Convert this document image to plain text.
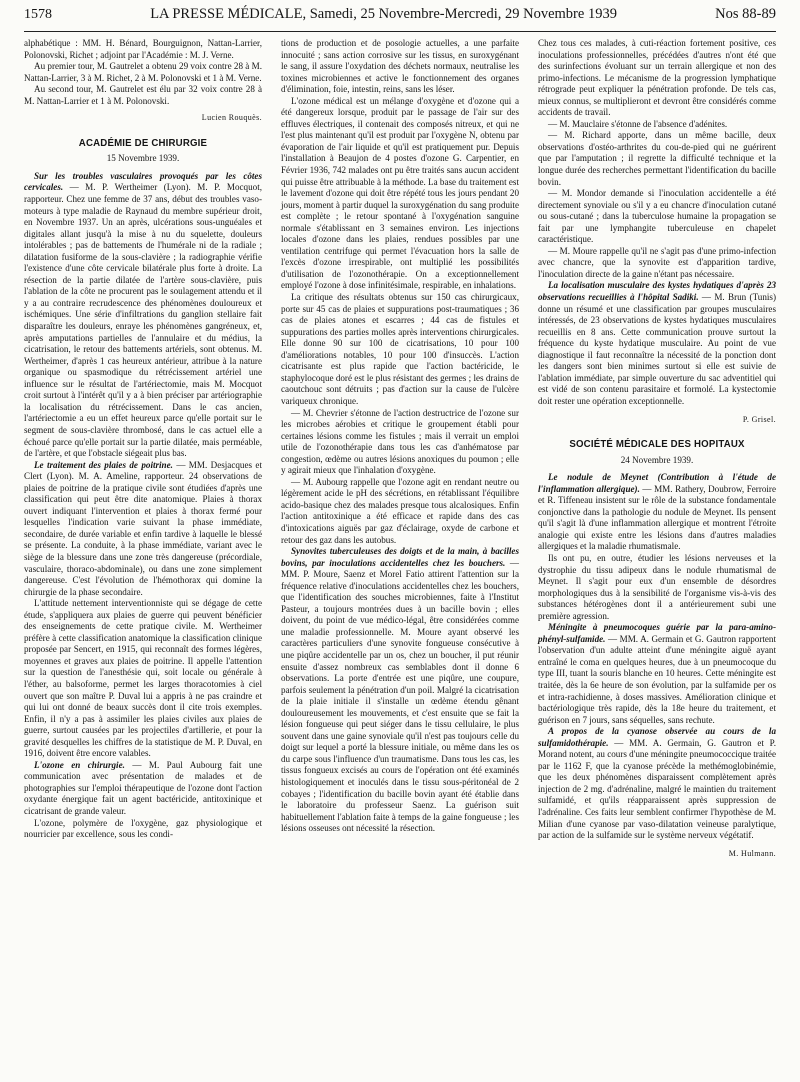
1578	LA PRESSE MÉDICALE, Samedi, 25 Novembre-Mercredi, 29 Novembre 1939	Nos 88-89

alphabétique : MM. H. Bénard, Bourguignon, Nattan-Larrier, Polonovski, Richet ; adjoint par l'Académie : M. J. Verne.

Au premier tour, M. Gautrelet a obtenu 29 voix contre 28 à M. Nattan-Larrier, 3 à M. Richet, 2 à M. Polonovski et 1 à M. Verne.

Au second tour, M. Gautrelet est élu par 32 voix contre 28 à M. Nattan-Larrier et 1 à M. Polonovski.

Lucien Rouquès.

ACADÉMIE DE CHIRURGIE

15 Novembre 1939.

Sur les troubles vasculaires provoqués par les côtes cervicales. — M. P. Wertheimer (Lyon). M. P. Mocquot, rapporteur. Chez une femme de 37 ans, début des troubles vaso-moteurs à type maladie de Raynaud du membre supérieur droit, en Novembre 1937. Un an après, ulcérations sous-unguéales et digitales allant jusqu'à la mise à nu du squelette, douleurs intolérables ; pas de battements de l'humérale ni de la radiale ; dilatation fusiforme de la sous-clavière ; la radiographie vérifie l'existence d'une côte cervicale bilatérale plus forte à droite. La résection de la partie dilatée de l'artère sous-clavière, puis l'ablation de la côte ne procurent pas le soulagement attendu et il y a au contraire recrudescence des phénomènes douloureux et ischémiques. Une série d'infiltrations du ganglion stellaire fait disparaître les douleurs, enraye les phénomènes gangréneux, et, après amputations partielles de l'annulaire et du médius, la cicatrisation, le retour des battements artériels, sont obtenus. M. Wertheimer, d'après 1 cas heureux antérieur, attribue à la nature organique ou spasmodique du rétrécissement artériel une influence sur le résultat de l'artériectomie, mais M. Mocquot croit surtout à l'intérêt qu'il y a à bien préciser par artériographie la localisation du rétrécissement. Dans le cas ancien, l'artériectomie a eu un effet heureux parce qu'elle portait sur le segment de sous-clavière thrombosé, dans le cas actuel elle a échoué parce qu'elle portait sur la partie dilatée, mais perméable, de l'artère, et que l'obstacle siégeait plus bas.

Le traitement des plaies de poitrine. — MM. Desjacques et Clert (Lyon). M. A. Ameline, rapporteur. 24 observations de plaies de poitrine de la pratique civile sont étudiées d'après une classification qui peut être dite anatomique. Plaies à thorax ouvert indiquant l'intervention et plaies à thorax fermé pour lesquelles l'indication varie suivant la phase immédiate, secondaire, de durée variable et enfin tardive à laquelle le blessé se présente. La conduite, à la phase immédiate, variant avec le siège de la blessure dans une zone très dangereuse (précordiale, vasculaire, thoraco-abdominale), ou dans une zone simplement dangereuse. C'est l'évolution de l'hémothorax qui domine la chirurgie de la phase secondaire.

L'attitude nettement interventionniste qui se dégage de cette étude, s'appliquera aux plaies de guerre qui peuvent bénéficier des enseignements de cette pratique civile. M. Wertheimer préfère à cette classification anatomique la classification clinique proposée par Sencert, en 1915, qui reconnaît des formes légères, moyennes et graves aux plaies de poitrine. Il appelle l'attention sur la question de l'anesthésie qui, soit locale ou générale à l'éther, au balsoforme, permet les larges thoracotomies à ciel ouvert que son maître P. Duval lui a appris à ne pas craindre et qui lui ont donné de beaux succès dont il cite trois exemples. Enfin, il n'y a pas à assimiler les plaies civiles aux plaies de guerre, surtout causées par les projectiles d'artillerie, et pour la gravité desquelles les chiffres de la statistique de M. P. Duval, en 1916, doivent être encore valables.

L'ozone en chirurgie. — M. Paul Aubourg fait une communication avec présentation de malades et de photographies sur l'emploi thérapeutique de l'ozone dont l'action oxydante énergique fait un agent bactéricide, antitoxinique et cicatrisant de grande valeur.

L'ozone, polymère de l'oxygène, gaz physiologique et nourricier par excellence, sous les condi-

tions de production et de posologie actuelles, a une parfaite innocuité ; sans action corrosive sur les tissus, en suroxygénant le sang, il assure l'oxydation des déchets normaux, neutralise les toxines microbiennes et active le fonctionnement des organes d'élimination, foie, intestin, reins, sans les léser.

L'ozone médical est un mélange d'oxygène et d'ozone qui a été dangereux lorsque, produit par le passage de l'air sur des effluves électriques, il contenait des composés nitreux, et qui ne l'est plus maintenant qu'il est produit par l'oxygène N, obtenu par évaporation de l'air liquide et qu'il est pratiquement pur. Depuis l'installation à Beaujon de 4 postes d'ozone G. Carpentier, en Février 1936, 742 malades ont pu être traités sans aucun accident qui puisse être attribuable à la méthode. La base du traitement est le lavement d'ozone qui doit être répété tous les jours pendant 20 jours, moment à partir duquel la suroxygénation du sang produite est complète ; le retour spontané à l'oxygénation sanguine normale s'établissant en 3 semaines environ. Les injections locales d'ozone dans les plaies, rendues possibles par une ventilation centrifuge qui permet l'évacuation hors la salle de l'excès d'ozone irrespirable, ont multiplié les possibilités d'utilisation de l'ozonothérapie. On a exceptionnellement employé l'ozone à dose infinitésimale, respirable, en inhalations.

La critique des résultats obtenus sur 150 cas chirurgicaux, porte sur 45 cas de plaies et suppurations post-traumatiques ; 36 cas de plaies atones et escarres ; 44 cas de fistules et suppurations des parties molles après interventions chirurgicales. Elle donne 90 sur 100 de cicatrisations, 10 pour 100 d'améliorations notables, 10 pour 100 d'insuccès. L'action cicatrisante est plus rapide que l'action bactéricide, le staphylocoque doré est le plus résistant des germes ; les drains de caoutchouc sont détruits ; pas d'action sur la cause de l'ulcère variqueux chronique.

— M. Chevrier s'étonne de l'action destructrice de l'ozone sur les microbes aérobies et critique le groupement établi pour certaines lésions comme les fistules ; mais il verrait un emploi utile de l'ozonothérapie dans tous les cas d'anhématose par congestion, œdème ou autres lésions anoxiques du poumon ; elle y agirait mieux que l'inhalation d'oxygène.

— M. Aubourg rappelle que l'ozone agit en rendant neutre ou légèrement acide le pH des sécrétions, en rétablissant l'équilibre acido-basique chez des malades presque tous alcalosiques. Enfin l'action antitoxinique a été efficace et rapide dans des cas d'intoxications aiguës par gaz d'éclairage, oxyde de carbone et retour des gaz dans les autobus.

Synovites tuberculeuses des doigts et de la main, à bacilles bovins, par inoculations accidentelles chez les bouchers. — MM. P. Moure, Saenz et Morel Fatio attirent l'attention sur la fréquence relative d'inoculations accidentelles chez les bouchers, que l'identification des souches microbiennes, faite à l'Institut Pasteur, a toujours montrées dues à un bacille bovin ; elles doivent, du point de vue médico-légal, être considérées comme une maladie professionnelle. M. Moure ayant observé les caractères particuliers d'une synovite fongueuse consécutive à une piqûre accidentelle par un os, chez un boucher, il put réunir ensuite d'assez nombreux cas semblables dont il donne 6 observations. La porte d'entrée est une piqûre, une coupure, parfois seulement la pénétration d'un poil. Malgré la cicatrisation de la plaie initiale il s'installe un œdème étendu gênant douloureusement les mouvements, et c'est ensuite que se fait la lésion fongueuse qui peut siéger dans le tissu cellulaire, le plus souvent dans une gaine synoviale qu'il n'est pas toujours celle du doigt sur lequel a porté la blessure initiale, ou même dans les os du carpe sous l'influence d'un traumatisme. Dans tous les cas, les tissus fongueux excisés au cours de l'opération ont été examinés histologiquement et inoculés dans le tissu sous-péritonéal de 2 cobayes ; l'identification du bacille bovin ayant été établie dans le laboratoire du professeur Saenz. La guérison suit habituellement l'ablation faite à temps de la gaine fongueuse ; les lésions osseuses ont nécessité la résection.

Chez tous ces malades, à cuti-réaction fortement positive, ces inoculations professionnelles, précédées d'autres n'ont été que des surinfections évoluant sur un terrain allergique et non des primo-infections. Le mécanisme de la progression lymphatique rétrograde peut expliquer la pénétration profonde. De tels cas, mieux connus, se multiplieront et devront être considérés comme accidents de travail.

— M. Mauclaire s'étonne de l'absence d'adénites.

— M. Richard apporte, dans un même bacille, deux observations d'ostéo-arthrites du cou-de-pied qui ne guérirent que par l'amputation ; il regrette la difficulté technique et la longue durée des recherches permettant l'identification du bacille bovin.

— M. Mondor demande si l'inoculation accidentelle a été directement synoviale ou s'il y a eu chancre d'inoculation cutané ou sous-cutané ; dans la tuberculose humaine la propagation se fait par une lymphangite tuberculeuse en chapelet caractéristique.

— M. Moure rappelle qu'il ne s'agit pas d'une primo-infection avec chancre, que la synovite est d'apparition tardive, l'inoculation directe de la gaine n'étant pas nécessaire.

La localisation musculaire des kystes hydatiques d'après 23 observations recueillies à l'hôpital Sadiki. — M. Brun (Tunis) donne un résumé et une classification par groupes musculaires intéressés, de 23 observations de kystes hydatiques musculaires recueillis en 8 ans. Cette communication prouve surtout la fréquence du kyste hydatique musculaire. Au point de vue diagnostique il faut reconnaître la nécessité de la ponction dont les dangers sont bien minimes surtout si elle est suivie de l'ablation immédiate, par simple ouverture du sac adventitiel qui est vidé de son contenu parasitaire et formolé. La kystectomie doit rester une opération exceptionnelle.

P. Grisel.

SOCIÉTÉ MÉDICALE DES HOPITAUX

24 Novembre 1939.

Le nodule de Meynet (Contribution à l'étude de l'inflammation allergique). — MM. Rathery, Doubrow, Ferroire et R. Tiffeneau insistent sur le rôle de la substance fondamentale conjonctive dans la pathologie du nodule de Meynet. Ils pensent qu'il s'agit là d'une inflammation allergique et montrent l'étroite analogie qui existe entre les lésions dans d'autres maladies allergiques et la maladie rhumatismale.

Ils ont pu, en outre, étudier les lésions nerveuses et la dystrophie du tissu adipeux dans le nodule rhumatismal de Meynet. Il s'agit pour eux d'un ensemble de désordres morphologiques dus à la sensibilité de l'organisme vis-à-vis des substances hétérogènes dont il a antérieurement subi une première agression.

Méningite à pneumocoques guérie par la para-amino-phényl-sulfamide. — MM. A. Germain et G. Gautron rapportent l'observation d'un adulte atteint d'une méningite aiguë ayant entraîné le coma en quelques heures, due à un pneumocoque du type III, tuant la souris blanche en 10 heures. Cette méningite est traitée, dès la 6e heure de son évolution, par la sulfamide per os et intra-rachidienne, à doses massives. Amélioration clinique et bactériologique très rapide, dès la 18e heure du traitement, et guérison en 7 jours, sans séquelles, sans rechute.

A propos de la cyanose observée au cours de la sulfamidothérapie. — MM. A. Germain, G. Gautron et P. Morand notent, au cours d'une méningite pneumococcique traitée par le 1162 F, que la cyanose précède la methémoglobinémie, que les deux phénomènes disparaissent complètement après injection de 2 mg. d'adrénaline, malgré le maintien du traitement sulfamidé, et qu'ils réapparaissent après suppression de l'adrénaline. Ces faits leur semblent confirmer l'hypothèse de M. Milian d'une cyanose par vaso-dilatation veineuse paralytique, par action de la sulfamide sur le système nerveux végétatif.

M. Hulmann.
